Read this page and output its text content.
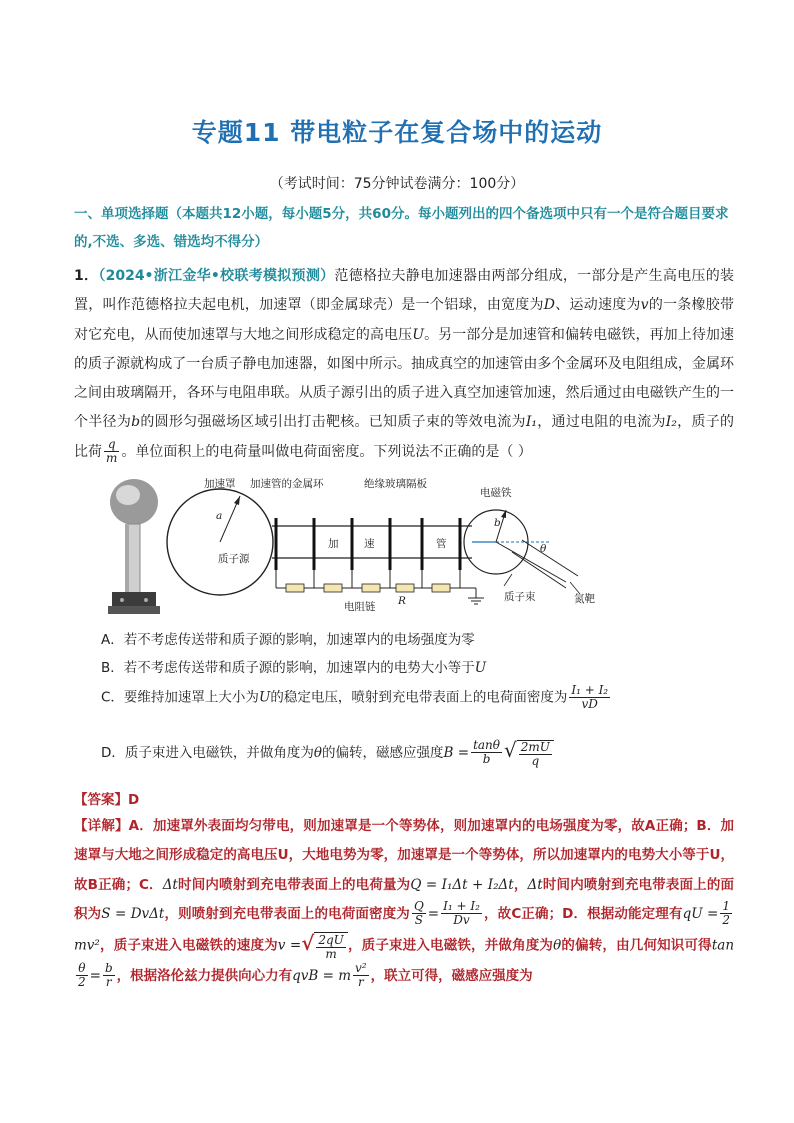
专题11 带电粒子在复合场中的运动
（考试时间：75分钟试卷满分：100分）
一、单项选择题（本题共12小题，每小题5分，共60分。每小题列出的四个备选项中只有一个是符合题目要求的,不选、多选、错选均不得分）
1．（2024•浙江金华•校联考模拟预测）范德格拉夫静电加速器由两部分组成，一部分是产生高电压的装置，叫作范德格拉夫起电机，加速罩（即金属球壳）是一个铝球，由宽度为D、运动速度为v的一条橡胶带对它充电，从而使加速罩与大地之间形成稳定的高电压U。另一部分是加速管和偏转电磁铁，再加上待加速的质子源就构成了一台质子静电加速器，如图中所示。抽成真空的加速管由多个金属环及电阻组成，金属环之间由玻璃隔开，各环与电阻串联。从质子源引出的质子进入真空加速管加速，然后通过由电磁铁产生的一个半径为b的圆形匀强磁场区域引出打击靶核。已知质子束的等效电流为I₁，通过电阻的电流为I₂，质子的比荷 $\frac{q}{m}$ 。单位面积上的电荷量叫做电荷面密度。下列说法不正确的是（ ）
加速罩 加速管的金属环	绝缘玻璃隔板
电磁铁
a
质子源
加 速	管
b
θ
质子束	氮靶
电阻链 R
A．若不考虑传送带和质子源的影响，加速罩内的电场强度为零
B．若不考虑传送带和质子源的影响，加速罩内的电势大小等于U
C．要维持加速罩上大小为U的稳定电压，喷射到充电带表面上的电荷面密度为 $\frac{\text{I₁ + I₂}}{vD}$
D．质子束进入电磁铁，并做角度为θ的偏转，磁感应强度$B = \frac{\tan\theta}{b}$ √ $\frac{2mU}{q}$
【答案】D
【详解】A．加速罩外表面均匀带电，则加速罩是一个等势体，则加速罩内的电场强度为零，故A正确；B．加速罩与大地之间形成稳定的高电压U，大地电势为零，加速罩是一个等势体，所以加速罩内的电势大小等于U，故B正确；C．Δt时间内喷射到充电带表面上的电荷量为Q = I₁Δt + I₂Δt，Δt时间内喷射到充电带表面上的面积为S = DvΔt，则喷射到充电带表面上的电荷面密度为 $\frac{Q}{S} = \frac{\text{I₁ + I₂}}{Dv}$ ，故C正确；D．根据动能定理有qU = $\frac{1}{2}$
mv²，质子束进入电磁铁的速度为v =√ $\frac{2qU}{m}$ ，质子束进入电磁铁，并做角度为θ的偏转，由几何知识可得tan
$\frac{\theta}{2} = \frac{b}{r}$ ，根据洛伦兹力提供向心力有qvB = m $\frac{\text{v²}}{r}$ ，联立可得，磁感应强度为
